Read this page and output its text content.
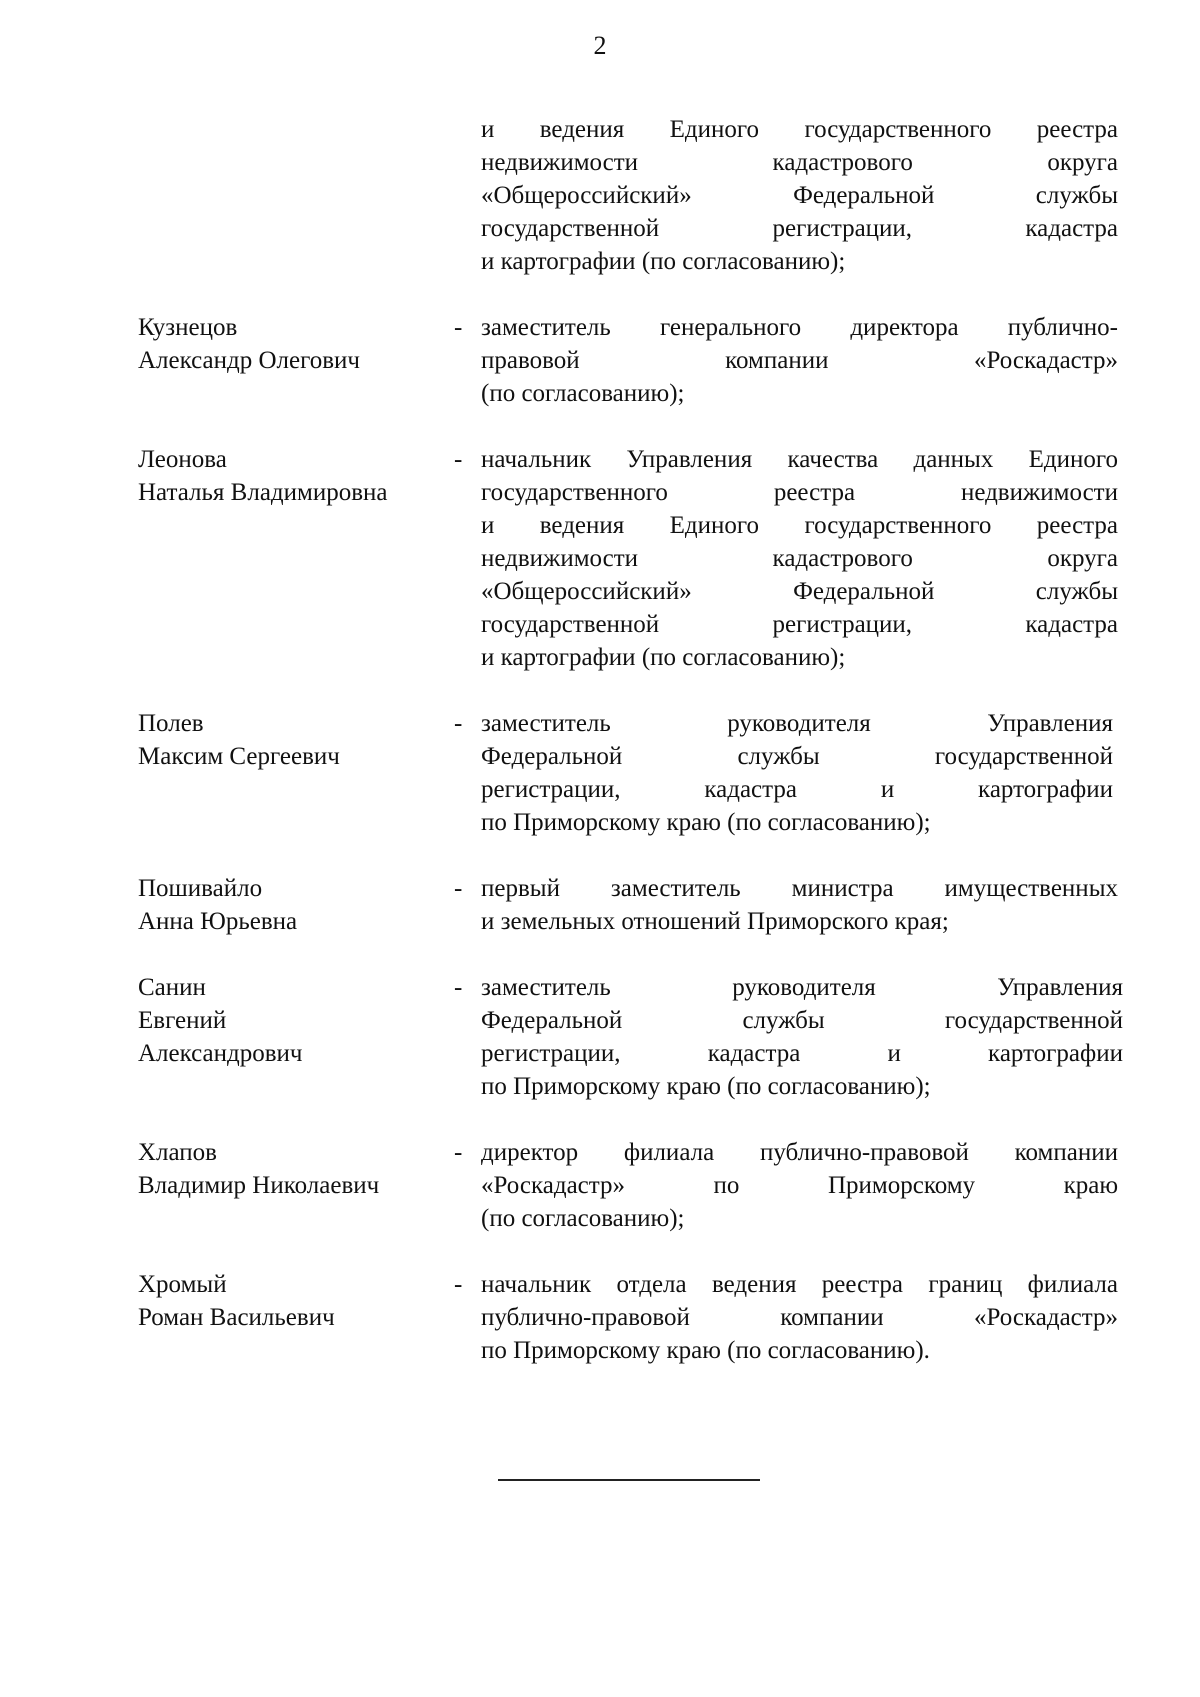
2
и ведения Единого государственного реестра
недвижимости кадастрового округа
«Общероссийский» Федеральной службы
государственной регистрации, кадастра
и картографии (по согласованию);
Кузнецов
Александр Олегович
- заместитель генерального директора публично-
правовой компании «Роскадастр»
(по согласованию);
Леонова
Наталья Владимировна
- начальник Управления качества данных Единого
государственного реестра недвижимости
и ведения Единого государственного реестра
недвижимости кадастрового округа
«Общероссийский» Федеральной службы
государственной регистрации, кадастра
и картографии (по согласованию);
Полев
Максим Сергеевич
- заместитель руководителя Управления
Федеральной службы государственной
регистрации, кадастра и картографии
по Приморскому краю (по согласованию);
Пошивайло
Анна Юрьевна
- первый заместитель министра имущественных
и земельных отношений Приморского края;
Санин
Евгений
Александрович
- заместитель руководителя Управления
Федеральной службы государственной
регистрации, кадастра и картографии
по Приморскому краю (по согласованию);
Хлапов
Владимир Николаевич
- директор филиала публично-правовой компании
«Роскадастр» по Приморскому краю
(по согласованию);
Хромый
Роман Васильевич
- начальник отдела ведения реестра границ филиала
публично-правовой компании «Роскадастр»
по Приморскому краю (по согласованию).
